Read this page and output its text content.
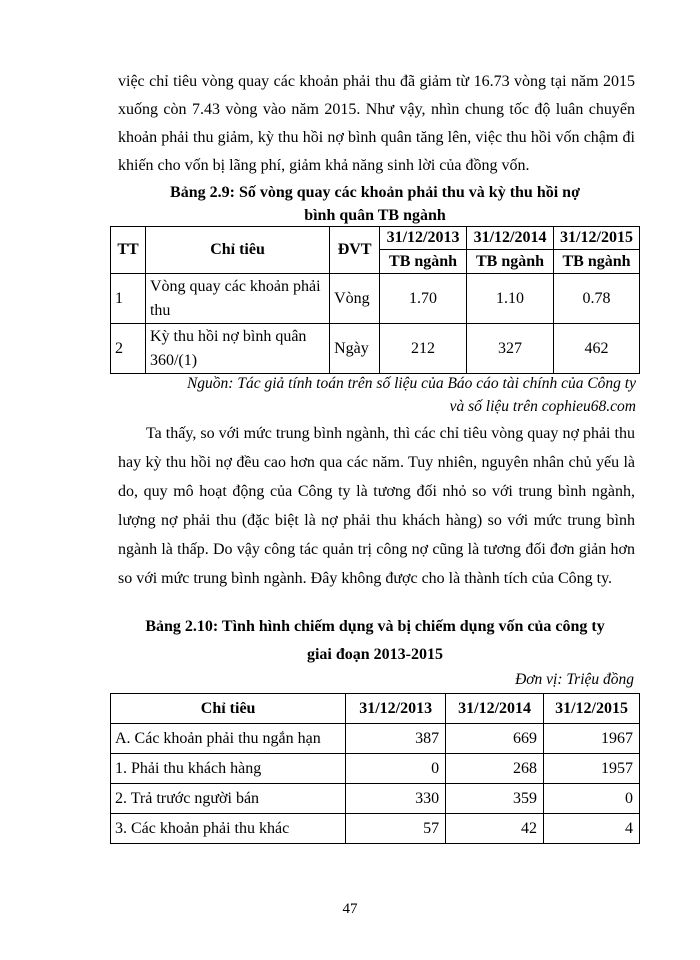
việc chỉ tiêu vòng quay các khoản phải thu đã giảm từ 16.73 vòng tại năm 2015 xuống còn 7.43 vòng vào năm 2015. Như vậy, nhìn chung tốc độ luân chuyển khoản phải thu giảm, kỳ thu hồi nợ bình quân tăng lên, việc thu hồi vốn chậm đi khiến cho vốn bị lãng phí, giảm khả năng sinh lời của đồng vốn.
Bảng 2.9: Số vòng quay các khoản phải thu và kỳ thu hồi nợ
bình quân TB ngành
TT	Chỉ tiêu	ĐVT	31/12/2013	31/12/2014	31/12/2015
			TB ngành	TB ngành	TB ngành
1	Vòng quay các khoản phải thu	Vòng	1.70	1.10	0.78
2	Kỳ thu hồi nợ bình quân 360/(1)	Ngày	212	327	462
Nguồn: Tác giả tính toán trên số liệu của Báo cáo tài chính của Công ty
và số liệu trên cophieu68.com
Ta thấy, so với mức trung bình ngành, thì các chỉ tiêu vòng quay nợ phải thu hay kỳ thu hồi nợ đều cao hơn qua các năm. Tuy nhiên, nguyên nhân chủ yếu là do, quy mô hoạt động của Công ty là tương đối nhỏ so với trung bình ngành, lượng nợ phải thu (đặc biệt là nợ phải thu khách hàng) so với mức trung bình ngành là thấp. Do vậy công tác quản trị công nợ cũng là tương đối đơn giản hơn so với mức trung bình ngành. Đây không được cho là thành tích của Công ty.
Bảng 2.10: Tình hình chiếm dụng và bị chiếm dụng vốn của công ty
giai đoạn 2013-2015
Đơn vị: Triệu đồng
Chỉ tiêu	31/12/2013	31/12/2014	31/12/2015
A. Các khoản phải thu ngắn hạn	387	669	1967
1. Phải thu khách hàng	0	268	1957
2. Trả trước người bán	330	359	0
3. Các khoản phải thu khác	57	42	4
47
